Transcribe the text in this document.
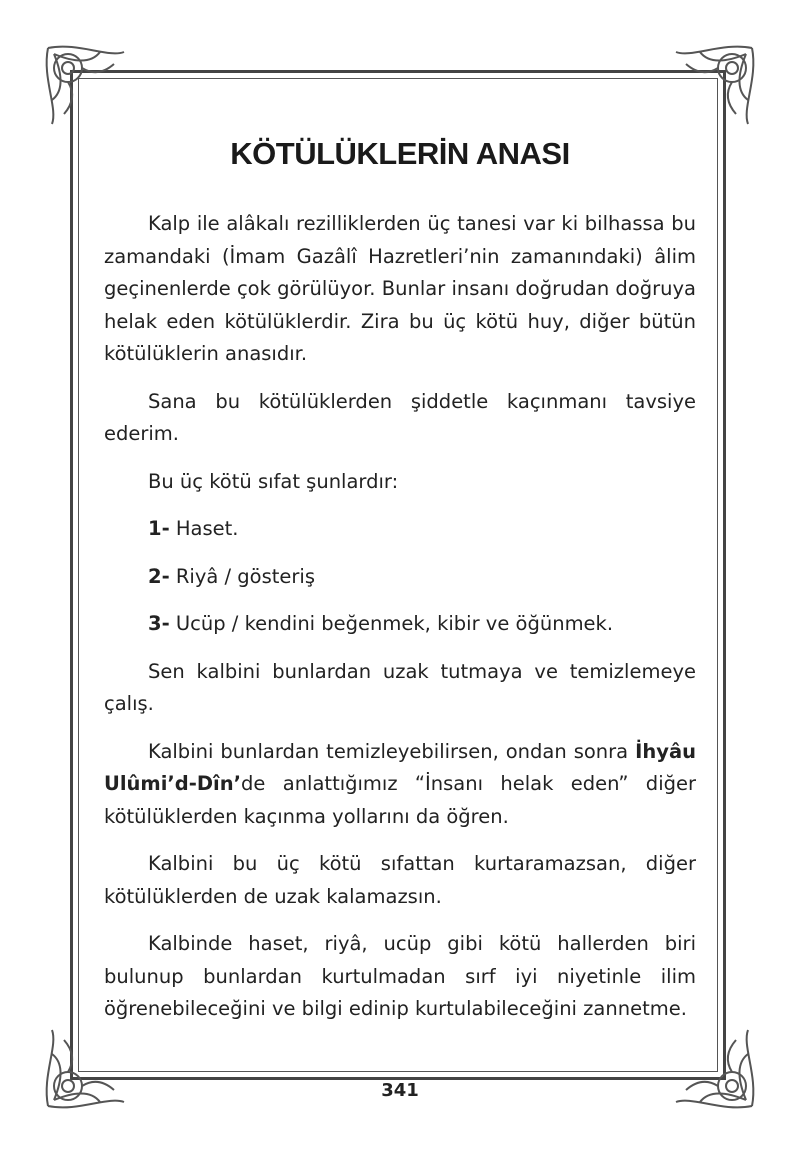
KÖTÜLÜKLERİN ANASI

Kalp ile alâkalı rezilliklerden üç tanesi var ki bilhassa bu zamandaki (İmam Gazâlî Hazretleri’nin zamanındaki) âlim geçinenlerde çok görülüyor. Bunlar insanı doğrudan doğruya helak eden kötülüklerdir. Zira bu üç kötü huy, diğer bütün kötülüklerin anasıdır.

Sana bu kötülüklerden şiddetle kaçınmanı tavsiye ederim.

Bu üç kötü sıfat şunlardır:

1- Haset.

2- Riyâ / gösteriş

3- Ucüp / kendini beğenmek, kibir ve öğünmek.

Sen kalbini bunlardan uzak tutmaya ve temizlemeye çalış.

Kalbini bunlardan temizleyebilirsen, ondan sonra İhyâu Ulûmi’d-Dîn’de anlattığımız “İnsanı helak eden” diğer kötülüklerden kaçınma yollarını da öğren.

Kalbini bu üç kötü sıfattan kurtaramazsan, diğer kötülüklerden de uzak kalamazsın.

Kalbinde haset, riyâ, ucüp gibi kötü hallerden biri bulunup bunlardan kurtulmadan sırf iyi niyetinle ilim öğrenebileceğini ve bilgi edinip kurtulabileceğini zannetme.

341
